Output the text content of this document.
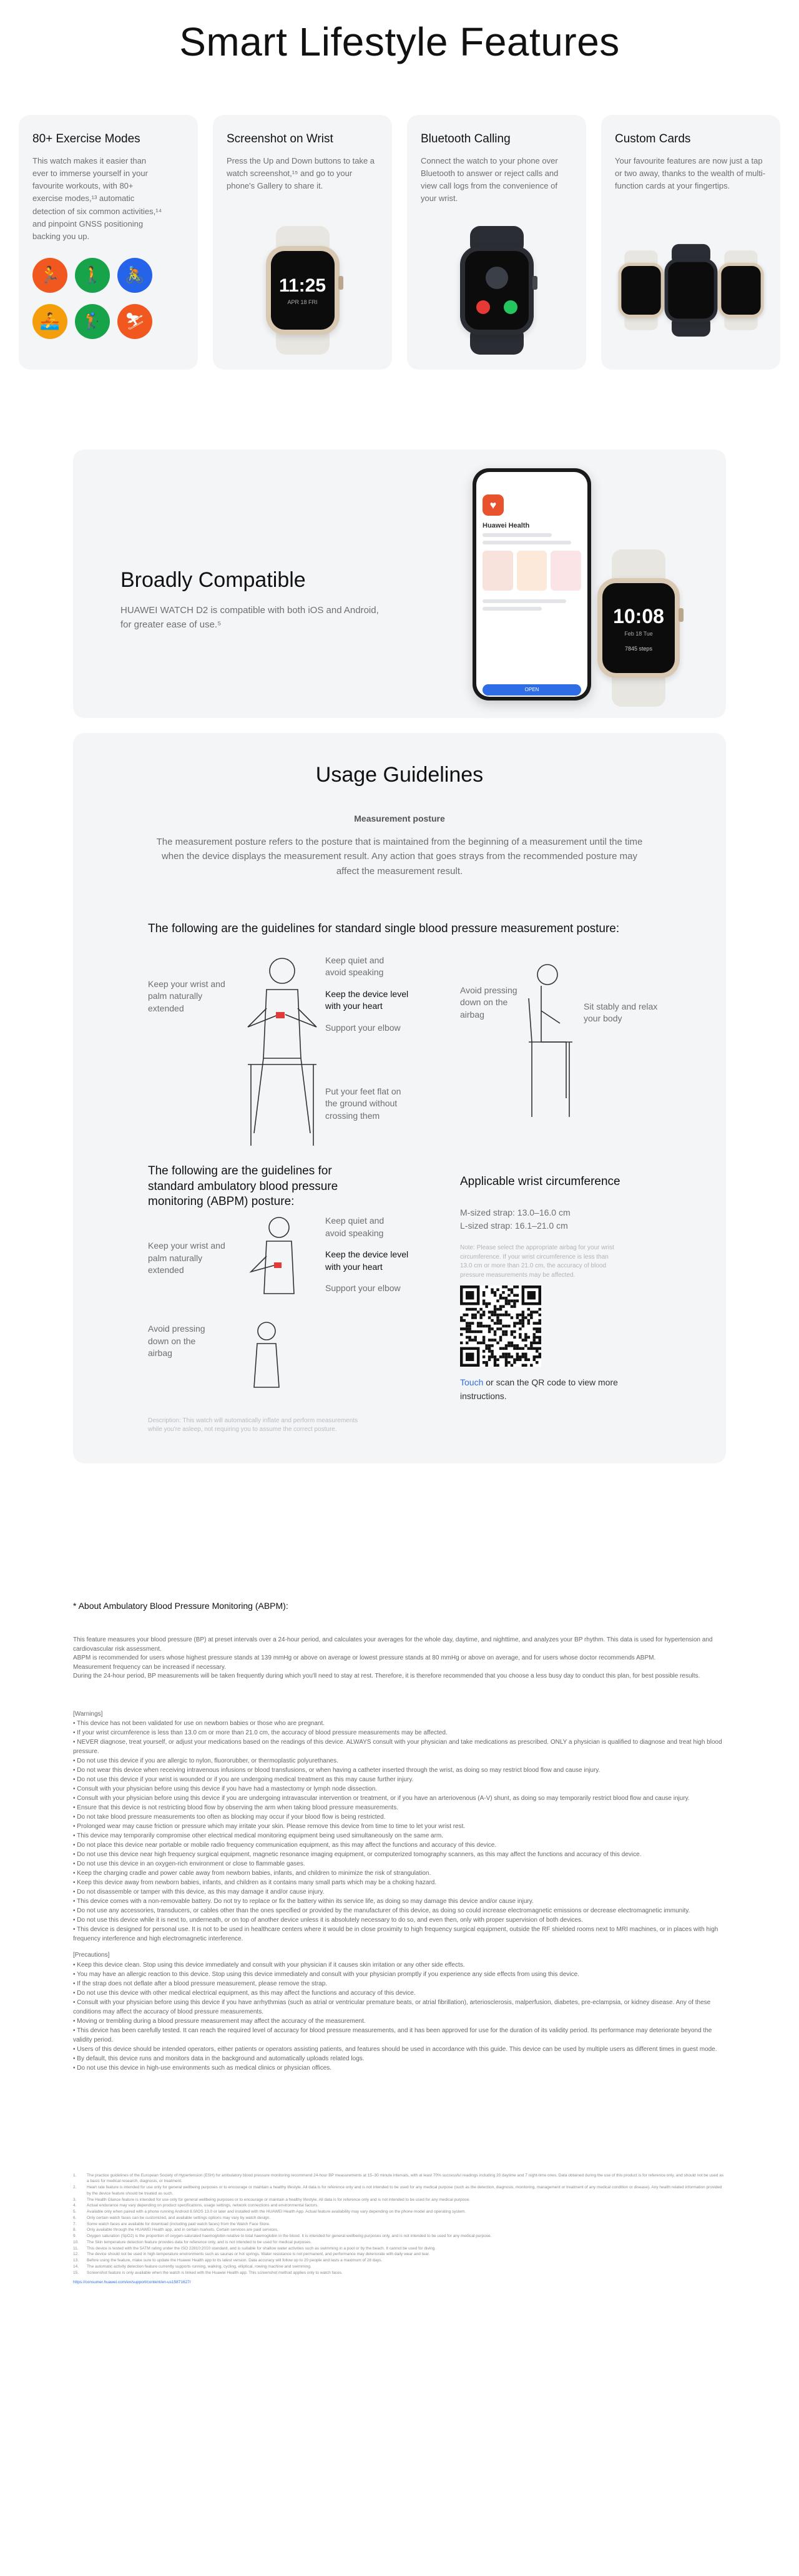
Smart Lifestyle Features
80+ Exercise Modes

This watch makes it easier than ever to immerse yourself in your favourite workouts, with 80+ exercise modes,¹³ automatic detection of six common activities,¹⁴ and pinpoint GNSS positioning backing you up.

🏃	🚶	🚴
🚣	🏌	⛷
Screenshot on Wrist

Press the Up and Down buttons to take a watch screenshot,¹⁵ and go to your phone's Gallery to share it.

11:25
APR 18 FRI
Bluetooth Calling

Connect the watch to your phone over Bluetooth to answer or reject calls and view call logs from the convenience of your wrist.

Custom Cards

Your favourite features are now just a tap or two away, thanks to the wealth of multi-function cards at your fingertips.

Broadly Compatible

HUAWEI WATCH D2 is compatible with both iOS and Android, for greater ease of use.⁵

♥
Huawei Health
OPEN
10:08
Feb 18 Tue
7845 steps
Usage Guidelines
Measurement posture
The measurement posture refers to the posture that is maintained from the beginning of a measurement until the time when the device displays the measurement result. Any action that goes strays from the recommended posture may affect the measurement result.
The following are the guidelines for standard single blood pressure measurement posture:
Keep your wrist and palm naturally extended
Keep quiet and avoid speaking
Keep the device level with your heart
Support your elbow
Put your feet flat on the ground without crossing them
Avoid pressing down on the airbag
Sit stably and relax your body
The following are the guidelines for standard ambulatory blood pressure monitoring (ABPM) posture:
Keep your wrist and palm naturally extended
Keep quiet and avoid speaking
Keep the device level with your heart
Support your elbow
Avoid pressing down on the airbag
Applicable wrist circumference
M-sized strap: 13.0–16.0 cm
L-sized strap: 16.1–21.0 cm
Note: Please select the appropriate airbag for your wrist circumference. If your wrist circumference is less than 13.0 cm or more than 21.0 cm, the accuracy of blood pressure measurements may be affected.
Touch or scan the QR code to view more instructions.
Description: This watch will automatically inflate and perform measurements while you're asleep, not requiring you to assume the correct posture.
* About Ambulatory Blood Pressure Monitoring (ABPM):

This feature measures your blood pressure (BP) at preset intervals over a 24-hour period, and calculates your averages for the whole day, daytime, and nighttime, and analyzes your BP rhythm. This data is used for hypertension and cardiovascular risk assessment.

ABPM is recommended for users whose highest pressure stands at 139 mmHg or above on average or lowest pressure stands at 80 mmHg or above on average, and for users whose doctor recommends ABPM.

Measurement frequency can be increased if necessary.

During the 24-hour period, BP measurements will be taken frequently during which you'll need to stay at rest. Therefore, it is therefore recommended that you choose a less busy day to conduct this plan, for best possible results.

[Warnings]

• This device has not been validated for use on newborn babies or those who are pregnant.
• If your wrist circumference is less than 13.0 cm or more than 21.0 cm, the accuracy of blood pressure measurements may be affected.
• NEVER diagnose, treat yourself, or adjust your medications based on the readings of this device. ALWAYS consult with your physician and take medications as prescribed. ONLY a physician is qualified to diagnose and treat high blood pressure.
• Do not use this device if you are allergic to nylon, fluororubber, or thermoplastic polyurethanes.
• Do not wear this device when receiving intravenous infusions or blood transfusions, or when having a catheter inserted through the wrist, as doing so may restrict blood flow and cause injury.
• Do not use this device if your wrist is wounded or if you are undergoing medical treatment as this may cause further injury.
• Consult with your physician before using this device if you have had a mastectomy or lymph node dissection.
• Consult with your physician before using this device if you are undergoing intravascular intervention or treatment, or if you have an arteriovenous (A-V) shunt, as doing so may temporarily restrict blood flow and cause injury.
• Ensure that this device is not restricting blood flow by observing the arm when taking blood pressure measurements.
• Do not take blood pressure measurements too often as blocking may occur if your blood flow is being restricted.
• Prolonged wear may cause friction or pressure which may irritate your skin. Please remove this device from time to time to let your wrist rest.
• This device may temporarily compromise other electrical medical monitoring equipment being used simultaneously on the same arm.
• Do not place this device near portable or mobile radio frequency communication equipment, as this may affect the functions and accuracy of this device.
• Do not use this device near high frequency surgical equipment, magnetic resonance imaging equipment, or computerized tomography scanners, as this may affect the functions and accuracy of this device.
• Do not use this device in an oxygen-rich environment or close to flammable gases.
• Keep the charging cradle and power cable away from newborn babies, infants, and children to minimize the risk of strangulation.
• Keep this device away from newborn babies, infants, and children as it contains many small parts which may be a choking hazard.
• Do not disassemble or tamper with this device, as this may damage it and/or cause injury.
• This device comes with a non-removable battery. Do not try to replace or fix the battery within its service life, as doing so may damage this device and/or cause injury.
• Do not use any accessories, transducers, or cables other than the ones specified or provided by the manufacturer of this device, as doing so could increase electromagnetic emissions or decrease electromagnetic immunity.
• Do not use this device while it is next to, underneath, or on top of another device unless it is absolutely necessary to do so, and even then, only with proper supervision of both devices.
• This device is designed for personal use. It is not to be used in healthcare centers where it would be in close proximity to high frequency surgical equipment, outside the RF shielded rooms next to MRI machines, or in places with high frequency interference and high electromagnetic interference.

[Precautions]

• Keep this device clean. Stop using this device immediately and consult with your physician if it causes skin irritation or any other side effects.
• You may have an allergic reaction to this device. Stop using this device immediately and consult with your physician promptly if you experience any side effects from using this device.
• If the strap does not deflate after a blood pressure measurement, please remove the strap.
• Do not use this device with other medical electrical equipment, as this may affect the functions and accuracy of this device.
• Consult with your physician before using this device if you have arrhythmias (such as atrial or ventricular premature beats, or atrial fibrillation), arteriosclerosis, malperfusion, diabetes, pre-eclampsia, or kidney disease. Any of these conditions may affect the accuracy of blood pressure measurements.
• Moving or trembling during a blood pressure measurement may affect the accuracy of the measurement.
• This device has been carefully tested. It can reach the required level of accuracy for blood pressure measurements, and it has been approved for use for the duration of its validity period. Its performance may deteriorate beyond the validity period.
• Users of this device should be intended operators, either patients or operators assisting patients, and features should be used in accordance with this guide. This device can be used by multiple users as different times in guest mode.
• By default, this device runs and monitors data in the background and automatically uploads related logs.
• Do not use this device in high-use environments such as medical clinics or physician offices.
1.	The practice guidelines of the European Society of Hypertension (ESH) for ambulatory blood pressure monitoring recommend 24-hour BP measurements at 15–30 minute intervals, with at least 70% successful readings including 20 daytime and 7 night-time ones. Data obtained during the use of this product is for reference only, and should not be used as a basis for medical research, diagnosis, or treatment.
2.	Heart rate feature is intended for use only for general wellbeing purposes or to encourage or maintain a healthy lifestyle. All data is for reference only and is not intended to be used for any medical purpose (such as the detection, diagnosis, monitoring, management or treatment of any medical condition or disease). Any health related information provided by the device feature should be treated as such.
3.	The Health Glance feature is intended for use only for general wellbeing purposes or to encourage or maintain a healthy lifestyle. All data is for reference only and is not intended to be used for any medical purpose.
4.	Actual endurance may vary depending on product specifications, usage settings, network connections and environmental factors.
5.	Available only when paired with a phone running Android 8.0/iOS 13.0 or later and installed with the HUAWEI Health App. Actual feature availability may vary depending on the phone model and operating system.
6.	Only certain watch faces can be customized, and available settings options may vary by watch design.
7.	Some watch faces are available for download (including paid watch faces) from the Watch Face Store.
8.	Only available through the HUAWEI Health app, and in certain markets. Certain services are paid services.
9.	Oxygen saturation (SpO2) is the proportion of oxygen-saturated haemoglobin relative to total haemoglobin in the blood. It is intended for general wellbeing purposes only, and is not intended to be used for any medical purpose.
10.	The Skin temperature detection feature provides data for reference only, and is not intended to be used for medical purposes.
11.	This device is tested with the 5ATM rating under the ISO 22810:2010 standard, and is suitable for shallow water activities such as swimming in a pool or by the beach. It cannot be used for diving.
12.	The device should not be used in high-temperature environments such as saunas or hot springs. Water resistance is not permanent, and performance may deteriorate with daily wear and tear.
13.	Before using the feature, make sure to update the Huawei Health app to its latest version. Data accuracy will follow up to 20 people and lasts a maximum of 28 days.
14.	The automatic activity detection feature currently supports running, walking, cycling, elliptical, rowing machine and swimming.
15.	Screenshot feature is only available when the watch is linked with the Huawei Health app. This screenshot method applies only to watch faces.
https://consumer.huawei.com/en/support/content/en-us15871627/
